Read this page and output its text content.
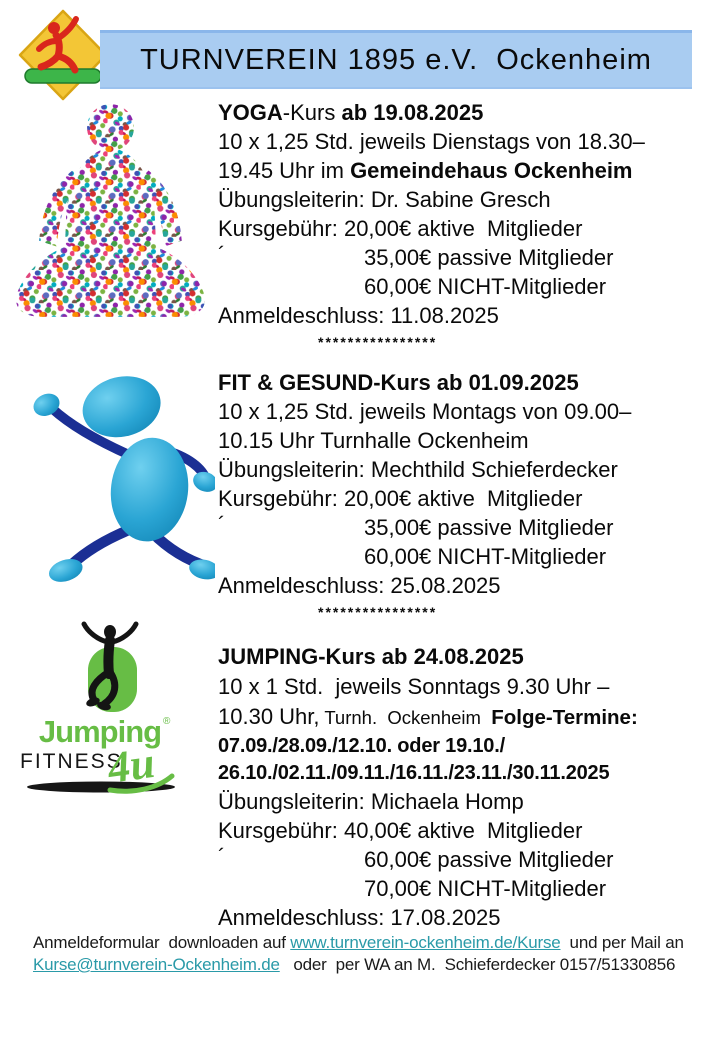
TURNVEREIN 1895 e.V.  Ockenheim
YOGA-Kurs ab 19.08.2025
10 x 1,25 Std. jeweils Dienstags von 18.30–
19.45 Uhr im Gemeindehaus Ockenheim
Übungsleiterin: Dr. Sabine Gresch
Kursgebühr: 20,00€ aktive  Mitglieder
´	35,00€ passive Mitglieder
60,00€ NICHT-Mitglieder
Anmeldeschluss: 11.08.2025
****************
FIT & GESUND-Kurs ab 01.09.2025
10 x 1,25 Std. jeweils Montags von 09.00–
10.15 Uhr Turnhalle Ockenheim
Übungsleiterin: Mechthild Schieferdecker
Kursgebühr: 20,00€ aktive  Mitglieder
´	35,00€ passive Mitglieder
60,00€ NICHT-Mitglieder
Anmeldeschluss: 25.08.2025
****************
Jumping ®
FITNESS
4u
JUMPING-Kurs ab 24.08.2025
10 x 1 Std.  jeweils Sonntags 9.30 Uhr –
10.30 Uhr, Turnh.  Ockenheim  Folge-Termine:
07.09./28.09./12.10. oder 19.10./
26.10./02.11./09.11./16.11./23.11./30.11.2025
Übungsleiterin: Michaela Homp
Kursgebühr: 40,00€ aktive  Mitglieder
´	60,00€ passive Mitglieder
70,00€ NICHT-Mitglieder
Anmeldeschluss: 17.08.2025
Anmeldeformular  downloaden auf www.turnverein-ockenheim.de/Kurse  und per Mail an
Kurse@turnverein-Ockenheim.de   oder  per WA an M.  Schieferdecker 0157/51330856
